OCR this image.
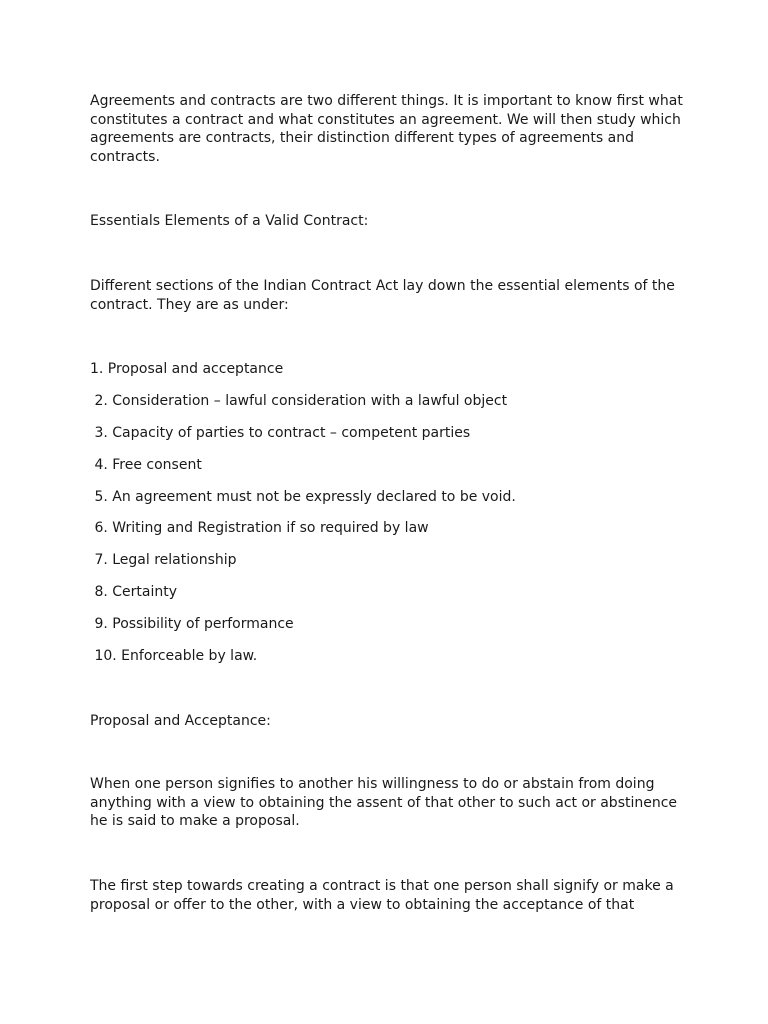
Agreements and contracts are two different things. It is important to know first what constitutes a contract and what constitutes an agreement. We will then study which agreements are contracts, their distinction different types of agreements and contracts.

Essentials Elements of a Valid Contract:

Different sections of the Indian Contract Act lay down the essential elements of the contract. They are as under:

1. Proposal and acceptance

2. Consideration – lawful consideration with a lawful object

3. Capacity of parties to contract – competent parties

4. Free consent

5. An agreement must not be expressly declared to be void.

6. Writing and Registration if so required by law

7. Legal relationship

8. Certainty

9. Possibility of performance

10. Enforceable by law.

Proposal and Acceptance:

When one person signifies to another his willingness to do or abstain from doing anything with a view to obtaining the assent of that other to such act or abstinence he is said to make a proposal.

The first step towards creating a contract is that one person shall signify or make a proposal or offer to the other, with a view to obtaining the acceptance of that
